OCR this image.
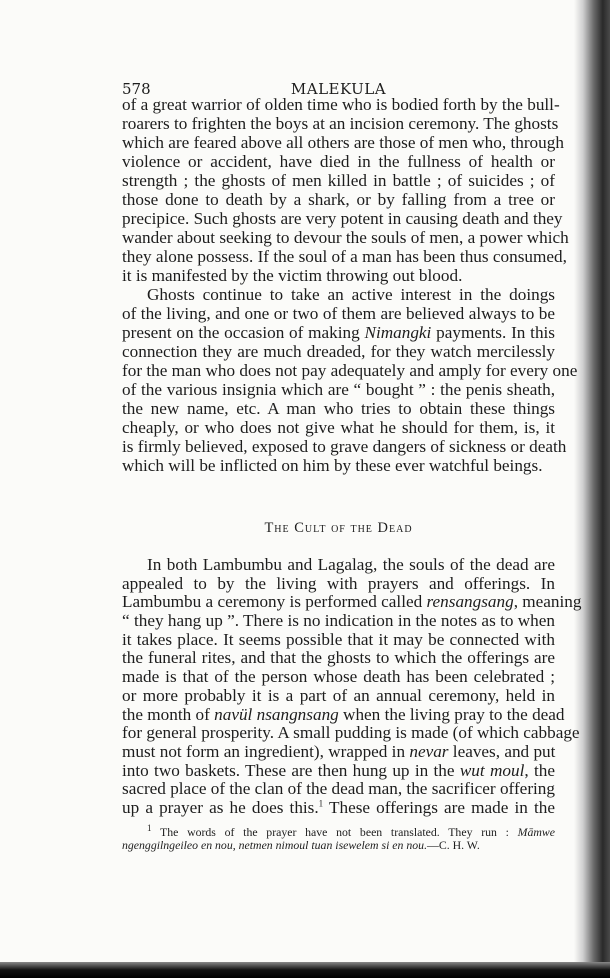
578	MALEKULA
of a great warrior of olden time who is bodied forth by the bull-
roarers to frighten the boys at an incision ceremony. The ghosts
which are feared above all others are those of men who, through
violence or accident, have died in the fullness of health or
strength ; the ghosts of men killed in battle ; of suicides ; of
those done to death by a shark, or by falling from a tree or
precipice. Such ghosts are very potent in causing death and they
wander about seeking to devour the souls of men, a power which
they alone possess. If the soul of a man has been thus consumed,
it is manifested by the victim throwing out blood.
Ghosts continue to take an active interest in the doings
of the living, and one or two of them are believed always to be
present on the occasion of making Nimangki payments. In this
connection they are much dreaded, for they watch mercilessly
for the man who does not pay adequately and amply for every one
of the various insignia which are “ bought ” : the penis sheath,
the new name, etc. A man who tries to obtain these things
cheaply, or who does not give what he should for them, is, it
is firmly believed, exposed to grave dangers of sickness or death
which will be inflicted on him by these ever watchful beings.
The Cult of the Dead
In both Lambumbu and Lagalag, the souls of the dead are
appealed to by the living with prayers and offerings. In
Lambumbu a ceremony is performed called rensangsang, meaning
“ they hang up ”. There is no indication in the notes as to when
it takes place. It seems possible that it may be connected with
the funeral rites, and that the ghosts to which the offerings are
made is that of the person whose death has been celebrated ;
or more probably it is a part of an annual ceremony, held in
the month of navül nsangnsang when the living pray to the dead
for general prosperity. A small pudding is made (of which cabbage
must not form an ingredient), wrapped in nevar leaves, and put
into two baskets. These are then hung up in the wut moul, the
sacred place of the clan of the dead man, the sacrificer offering
up a prayer as he does this.$^1$ These offerings are made in the
$^1$ The words of the prayer have not been translated. They run : Māmwe
ngenggilngeileo en nou, netmen nimoul tuan isewelem si en nou.—C. H. W.
